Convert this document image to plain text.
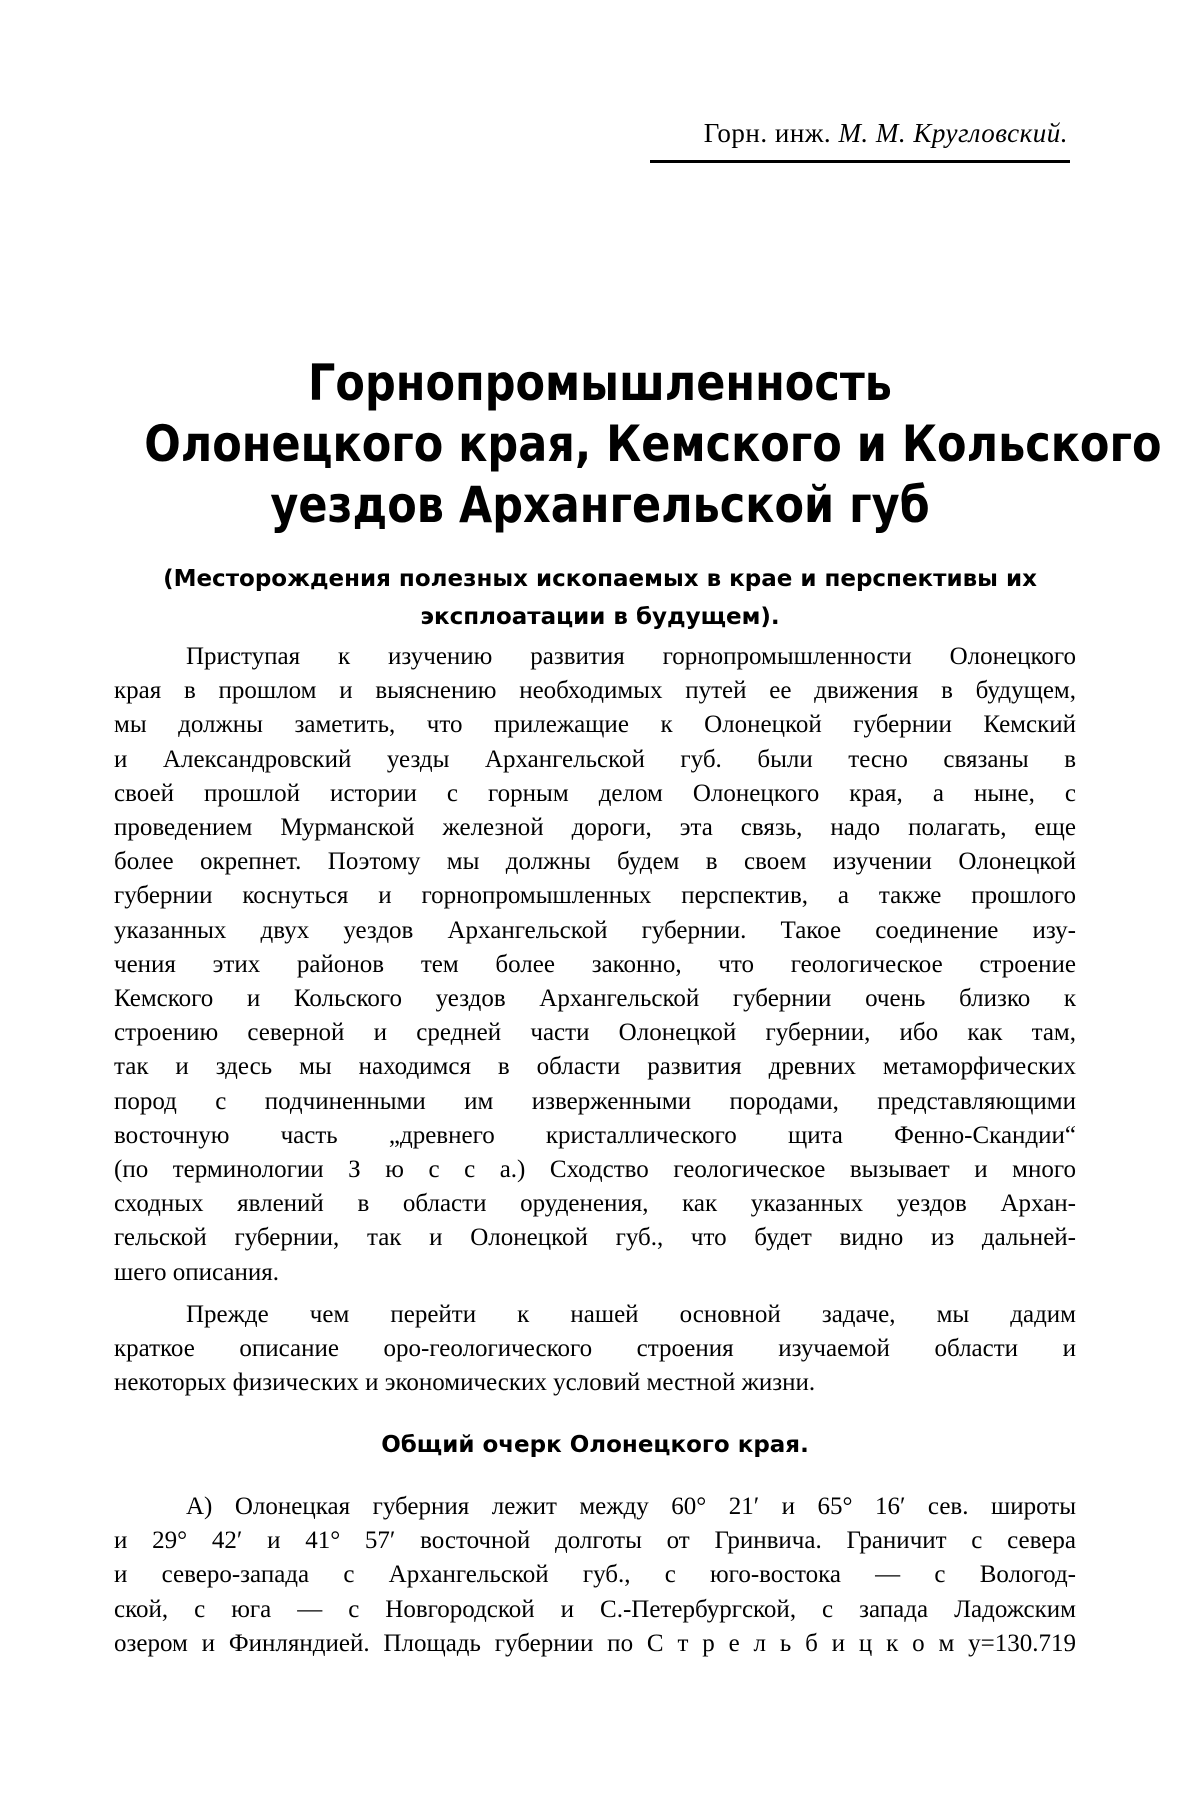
Горн. инж. М. М. Кругловский.
Горнопромышленность
Олонецкого края, Кемского и Кольского
уездов Архангельской губ
(Месторождения полезных ископаемых в крае и перспективы их эксплоатации в будущем).
Приступая к изучению развития горнопромышленности Олонецкого
края в прошлом и выяснению необходимых путей ее движения в будущем,
мы должны заметить, что прилежащие к Олонецкой губернии Кемский
и Александровский уезды Архангельской губ. были тесно связаны в
своей прошлой истории с горным делом Олонецкого края, а ныне, с
проведением Мурманской железной дороги, эта связь, надо полагать, еще
более окрепнет. Поэтому мы должны будем в своем изучении Олонецкой
губернии коснуться и горнопромышленных перспектив, а также прошлого
указанных двух уездов Архангельской губернии. Такое соединение изу-
чения этих районов тем более законно, что геологическое строение
Кемского и Кольского уездов Архангельской губернии очень близко к
строению северной и средней части Олонецкой губернии, ибо как там,
так и здесь мы находимся в области развития древних метаморфических
пород с подчиненными им изверженными породами, представляющими
восточную часть „древнего кристаллического щита Фенно-Скандии“
(по терминологии З ю с с а.) Сходство геологическое вызывает и много
сходных явлений в области оруденения, как указанных уездов Архан-
гельской губернии, так и Олонецкой губ., что будет видно из дальней-
шего описания.
Прежде чем перейти к нашей основной задаче, мы дадим
краткое описание оро-геологического строения изучаемой области и
некоторых физических и экономических условий местной жизни.
Общий очерк Олонецкого края.
А) Олонецкая губерния лежит между 60° 21′ и 65° 16′ сев. широты
и 29° 42′ и 41° 57′ восточной долготы от Гринвича. Граничит с севера
и северо-запада с Архангельской губ., с юго-востока — с Вологод-
ской, с юга — с Новгородской и С.-Петербургской, с запада Ладожским
озером и Финляндией. Площадь губернии по С т р е л ь б и ц к о м у=130.719
